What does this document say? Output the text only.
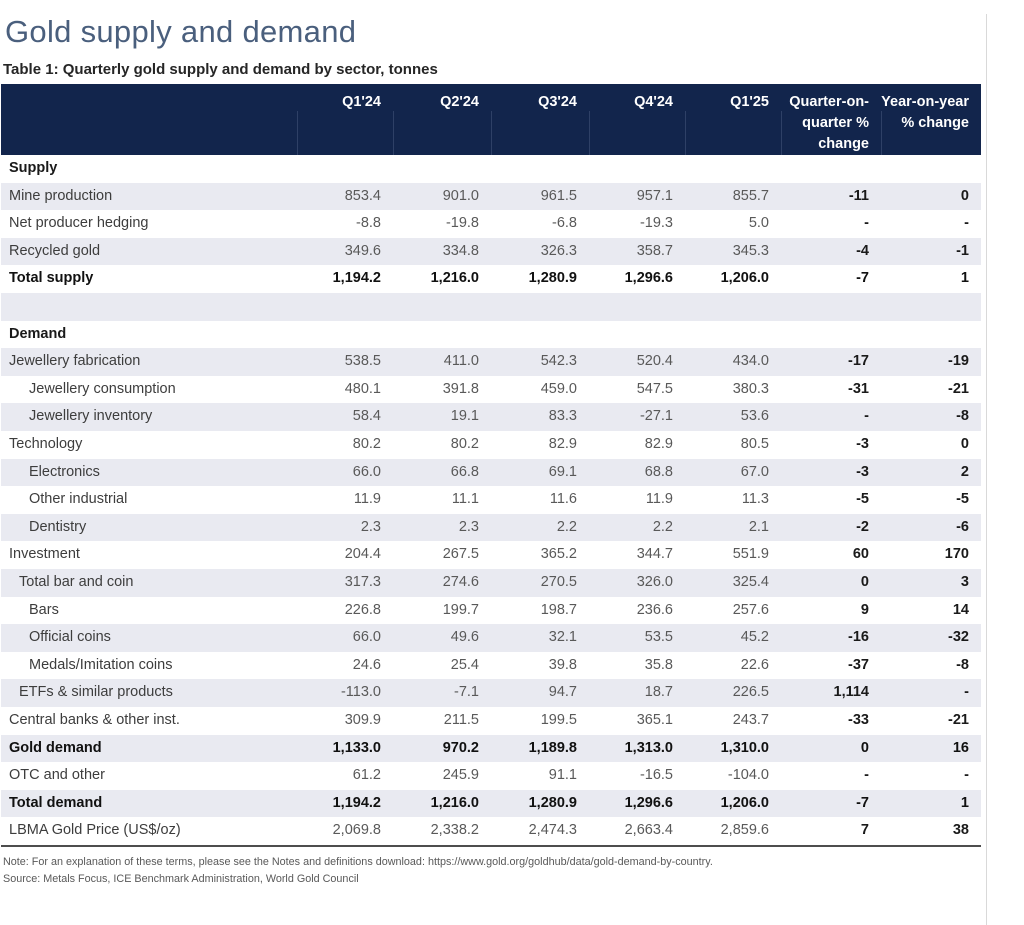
Gold supply and demand
Table 1: Quarterly gold supply and demand by sector, tonnes
	Q1'24	Q2'24	Q3'24	Q4'24	Q1'25	Quarter-on-quarter % change	Year-on-year % change
Supply							
Mine production	853.4	901.0	961.5	957.1	855.7	-11	0
Net producer hedging	-8.8	-19.8	-6.8	-19.3	5.0	-	-
Recycled gold	349.6	334.8	326.3	358.7	345.3	-4	-1
Total supply	1,194.2	1,216.0	1,280.9	1,296.6	1,206.0	-7	1

Demand							
Jewellery fabrication	538.5	411.0	542.3	520.4	434.0	-17	-19
Jewellery consumption	480.1	391.8	459.0	547.5	380.3	-31	-21
Jewellery inventory	58.4	19.1	83.3	-27.1	53.6	-	-8
Technology	80.2	80.2	82.9	82.9	80.5	-3	0
Electronics	66.0	66.8	69.1	68.8	67.0	-3	2
Other industrial	11.9	11.1	11.6	11.9	11.3	-5	-5
Dentistry	2.3	2.3	2.2	2.2	2.1	-2	-6
Investment	204.4	267.5	365.2	344.7	551.9	60	170
Total bar and coin	317.3	274.6	270.5	326.0	325.4	0	3
Bars	226.8	199.7	198.7	236.6	257.6	9	14
Official coins	66.0	49.6	32.1	53.5	45.2	-16	-32
Medals/Imitation coins	24.6	25.4	39.8	35.8	22.6	-37	-8
ETFs & similar products	-113.0	-7.1	94.7	18.7	226.5	1,114	-
Central banks & other inst.	309.9	211.5	199.5	365.1	243.7	-33	-21
Gold demand	1,133.0	970.2	1,189.8	1,313.0	1,310.0	0	16
OTC and other	61.2	245.9	91.1	-16.5	-104.0	-	-
Total demand	1,194.2	1,216.0	1,280.9	1,296.6	1,206.0	-7	1
LBMA Gold Price (US$/oz)	2,069.8	2,338.2	2,474.3	2,663.4	2,859.6	7	38
Note: For an explanation of these terms, please see the Notes and definitions download: https://www.gold.org/goldhub/data/gold-demand-by-country.
Source: Metals Focus, ICE Benchmark Administration, World Gold Council
